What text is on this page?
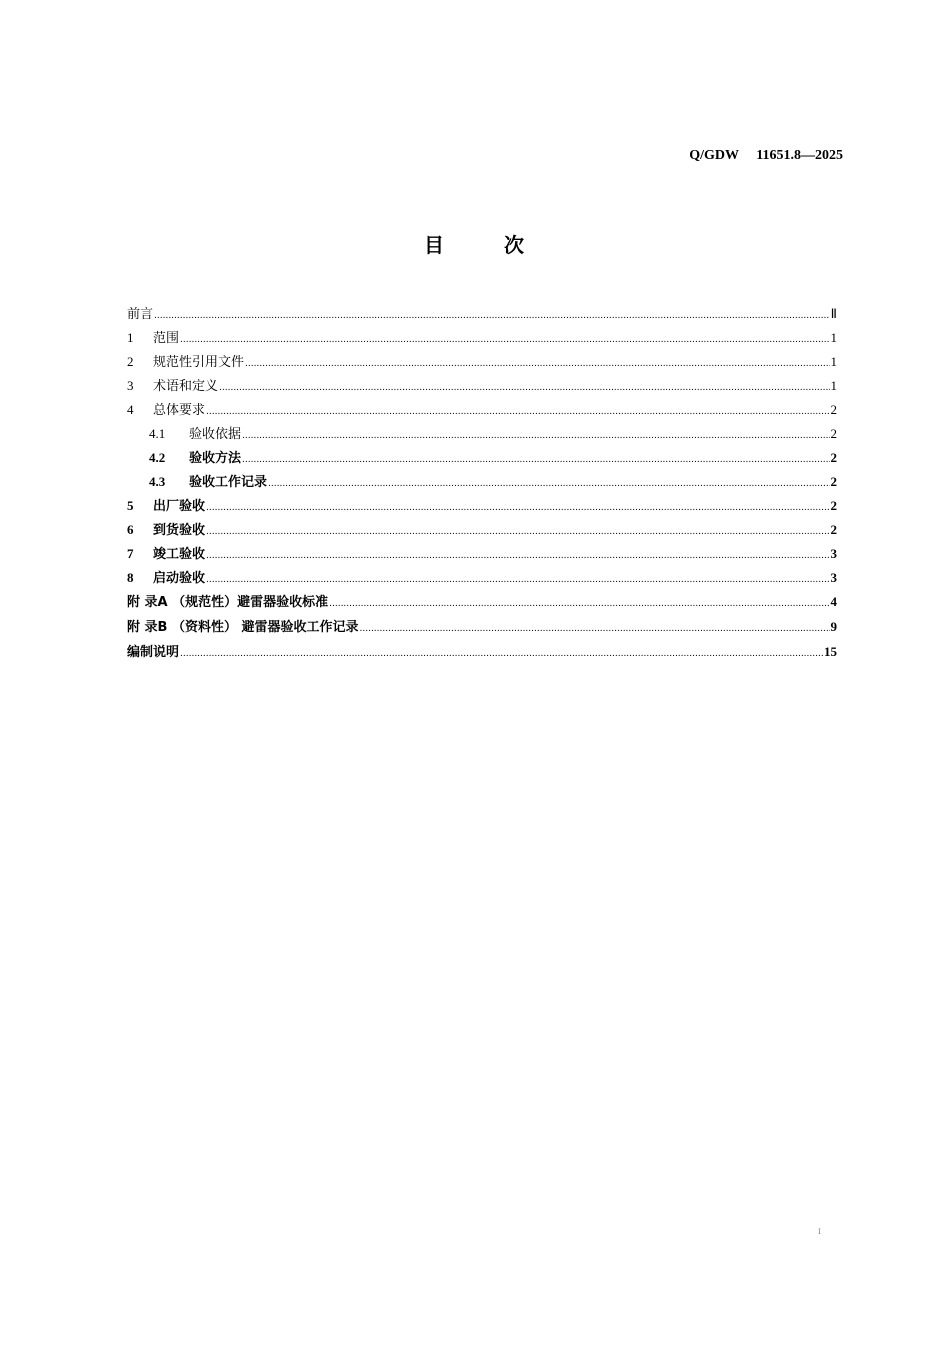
Q/GDW     11651.8—2025
目	次
前言 .....	Ⅱ
1	范围 .....	1
2	规范性引用文件 .....	1
3	术语和定义 .....	1
4	总体要求 .....	2
4.1	验收依据 .....	2
4.2	验收方法 .....	2
4.3	验收工作记录 .....	2
5	出厂验收 .....	2
6	到货验收 .....	2
7	竣工验收 .....	3
8	启动验收 .....	3
附 录A （规范性）避雷器验收标准 .....	4
附 录B （资料性） 避雷器验收工作记录 .....	9
编制说明 .....	15
I
